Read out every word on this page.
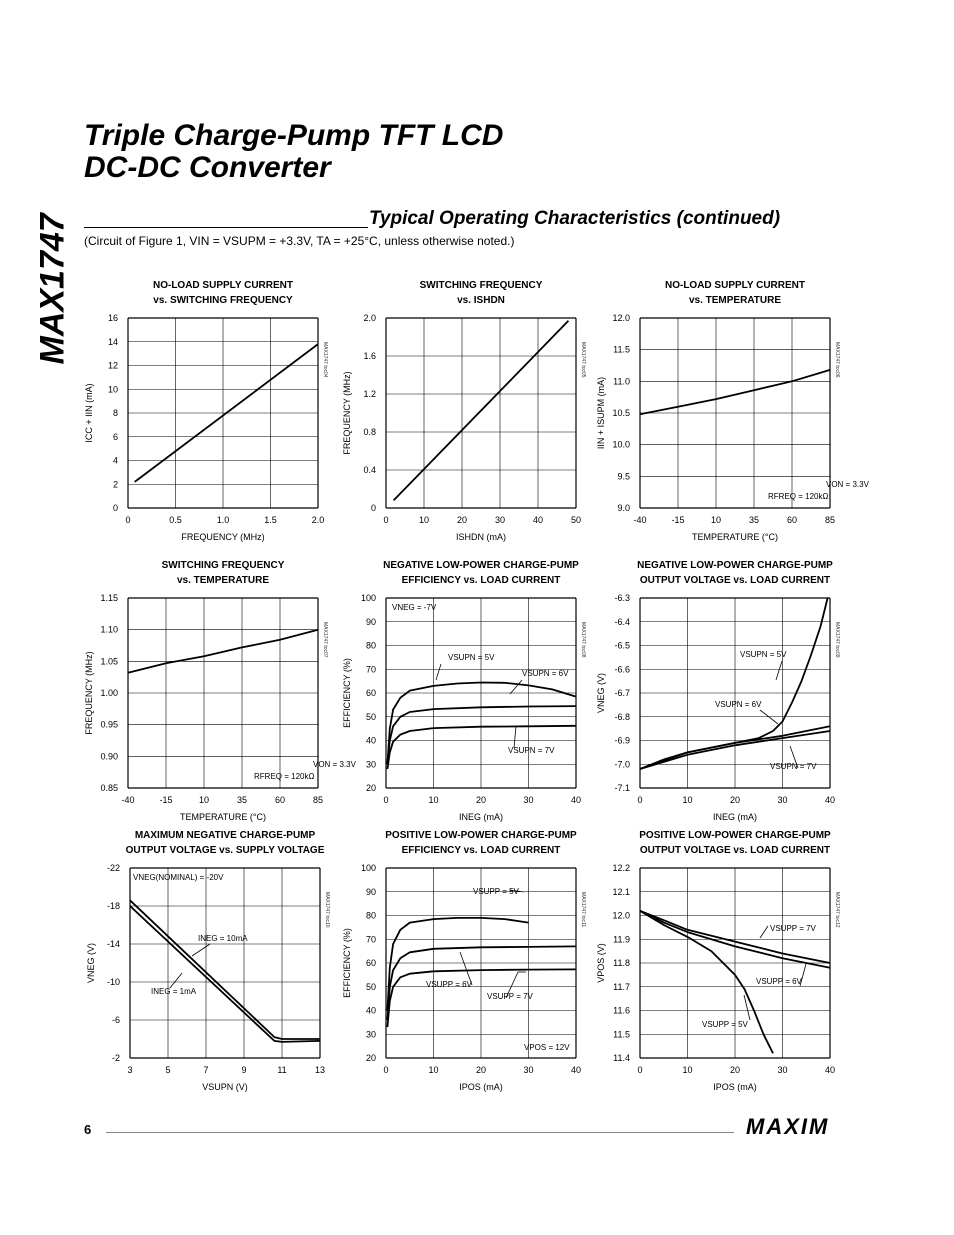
MAX1747
Triple Charge-Pump TFT LCD
DC-DC Converter
Typical Operating Characteristics (continued)
(Circuit of Figure 1, VIN = VSUPM = +3.3V, TA = +25°C, unless otherwise noted.)
NO-LOAD SUPPLY CURRENT
vs. SWITCHING FREQUENCY
0	0.5	1.0	1.5	2.0
0
2
4
6
8
10
12
14
16
FREQUENCY (MHz)
ICC + IIN (mA)
MAX1747 toc04
SWITCHING FREQUENCY
vs. ISHDN
0	10	20	30	40	50
0
0.4
0.8
1.2
1.6
2.0
ISHDN (mA)
FREQUENCY (MHz)
MAX1747 toc05
NO-LOAD SUPPLY CURRENT
vs. TEMPERATURE
-40	-15	10	35	60	85
9.0
9.5
10.0
10.5
11.0
11.5
12.0
TEMPERATURE (°C)
IIN + ISUPM (mA)
MAX1747 toc06
VON = 3.3V
RFREQ = 120kΩ
SWITCHING FREQUENCY
vs. TEMPERATURE
-40	-15	10	35	60	85
0.85
0.90
0.95
1.00
1.05
1.10
1.15
TEMPERATURE (°C)
FREQUENCY (MHz)
MAX1747 toc07
VON = 3.3V
RFREQ = 120kΩ
NEGATIVE LOW-POWER CHARGE-PUMP
EFFICIENCY vs. LOAD CURRENT
0	10	20	30	40
20
30
40
50
60
70
80
90
100
INEG (mA)
EFFICIENCY (%)
MAX1747 toc08
VNEG = -7V
VSUPN = 5V
VSUPN = 6V
VSUPN = 7V
NEGATIVE LOW-POWER CHARGE-PUMP
OUTPUT VOLTAGE vs. LOAD CURRENT
0	10	20	30	40
-7.1
-7.0
-6.9
-6.8
-6.7
-6.6
-6.5
-6.4
-6.3
INEG (mA)
VNEG (V)
MAX1747 toc09
VSUPN = 5V
VSUPN = 6V
VSUPN = 7V
MAXIMUM NEGATIVE CHARGE-PUMP
OUTPUT VOLTAGE vs. SUPPLY VOLTAGE
3	5	7	9	11	13
-2
-6
-10
-14
-18
-22
VSUPN (V)
VNEG (V)
MAX1747 toc10
VNEG(NOMINAL) = -20V
INEG = 10mA
INEG = 1mA
POSITIVE LOW-POWER CHARGE-PUMP
EFFICIENCY vs. LOAD CURRENT
0	10	20	30	40
20
30
40
50
60
70
80
90
100
IPOS (mA)
EFFICIENCY (%)
MAX1747 toc11
VSUPP = 5V
VSUPP = 6V
VSUPP = 7V
VPOS = 12V
POSITIVE LOW-POWER CHARGE-PUMP
OUTPUT VOLTAGE vs. LOAD CURRENT
0	10	20	30	40
11.4
11.5
11.6
11.7
11.8
11.9
12.0
12.1
12.2
IPOS (mA)
VPOS (V)
MAX1747 toc12
VSUPP = 7V
VSUPP = 6V
VSUPP = 5V
6	MAXIM
